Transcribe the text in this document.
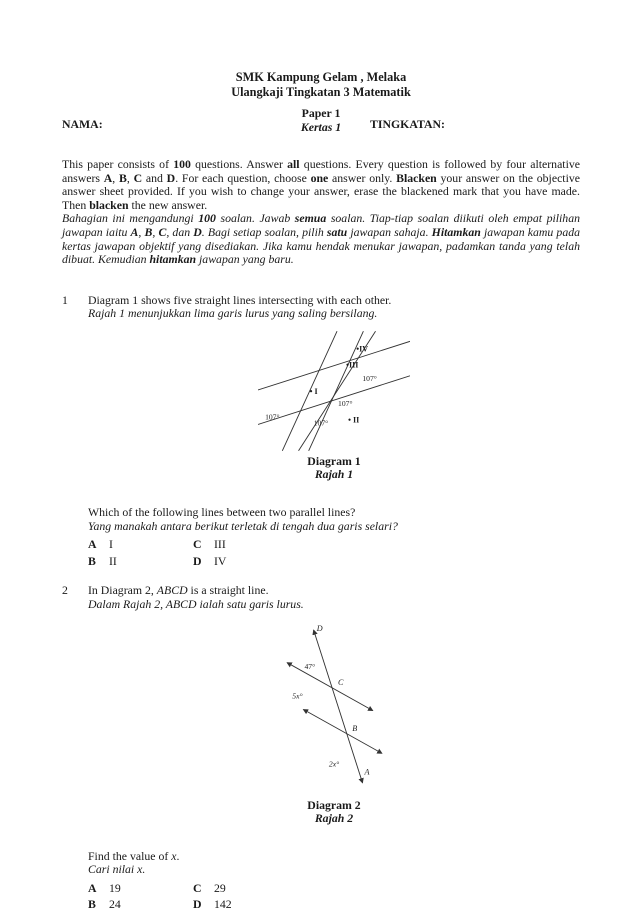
SMK Kampung Gelam , Melaka
Ulangkaji Tingkatan 3 Matematik
NAMA:
Paper 1
Kertas 1 TINGKATAN:

This paper consists of 100 questions. Answer all questions. Every question is followed by four alternative answers A, B, C and D. For each question, choose one answer only. Blacken your answer on the objective answer sheet provided. If you wish to change your answer, erase the blackened mark that you have made. Then blacken the new answer.

Bahagian ini mengandungi 100 soalan. Jawab semua soalan. Tiap-tiap soalan diikuti oleh empat pilihan jawapan iaitu A, B, C, dan D. Bagi setiap soalan, pilih satu jawapan sahaja. Hitamkan jawapan kamu pada kertas jawapan objektif yang disediakan. Jika kamu hendak menukar jawapan, padamkan tanda yang telah dibuat. Kemudian hitamkan jawapan yang baru.

1	Diagram 1 shows five straight lines intersecting with each other.
Rajah 1 menunjukkan lima garis lurus yang saling bersilang.
•IV
•III
107°
• I
107°
107°
107°	• II
Diagram 1
Rajah 1
Which of the following lines between two parallel lines?
Yang manakah antara berikut terletak di tengah dua garis selari?
A	I
B	II
C	III
D	IV
2	In Diagram 2, ABCD is a straight line.
Dalam Rajah 2, ABCD ialah satu garis lurus.
D
C
B
A
47°
5x°
2x°
Diagram 2
Rajah 2
Find the value of x.
Cari nilai x.
A	19
B	24
C	29
D	142
